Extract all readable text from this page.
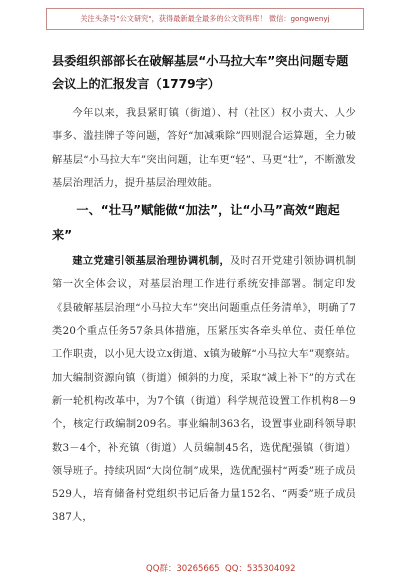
关注头条号"公文研究"，获得最新最全最多的公文资料库！ 微信：gongwenyj
县委组织部部长在破解基层“小马拉大车”突出问题专题会议上的汇报发言（1779字）

今年以来，我县紧盯镇（街道）、村（社区）权小责大、人少事多、滥挂牌子等问题，答好“加减乘除”四则混合运算题，全力破解基层“小马拉大车”突出问题，让车更“轻”、马更“壮”，不断激发基层治理活力，提升基层治理效能。

一、“壮马”赋能做“加法”，让“小马”高效“跑起来”

建立党建引领基层治理协调机制，及时召开党建引领协调机制第一次全体会议，对基层治理工作进行系统安排部署。制定印发《县破解基层治理“小马拉大车”突出问题重点任务清单》，明确了7类20个重点任务57条具体措施，压紧压实各牵头单位、责任单位工作职责，以小见大设立x街道、x镇为破解“小马拉大车”观察站。加大编制资源向镇（街道）倾斜的力度，采取“减上补下”的方式在新一轮机构改革中，为7个镇（街道）科学规范设置工作机构8－9个，核定行政编制209名。事业编制363名，设置事业副科领导职数3－4个，补充镇（街道）人员编制45名，选优配强镇（街道）领导班子。持续巩固“大岗位制”成果，选优配强村“两委”班子成员529人，培育储备村党组织书记后备力量152名、“两委”班子成员387人，

QQ群：30265665 QQ：535304092
